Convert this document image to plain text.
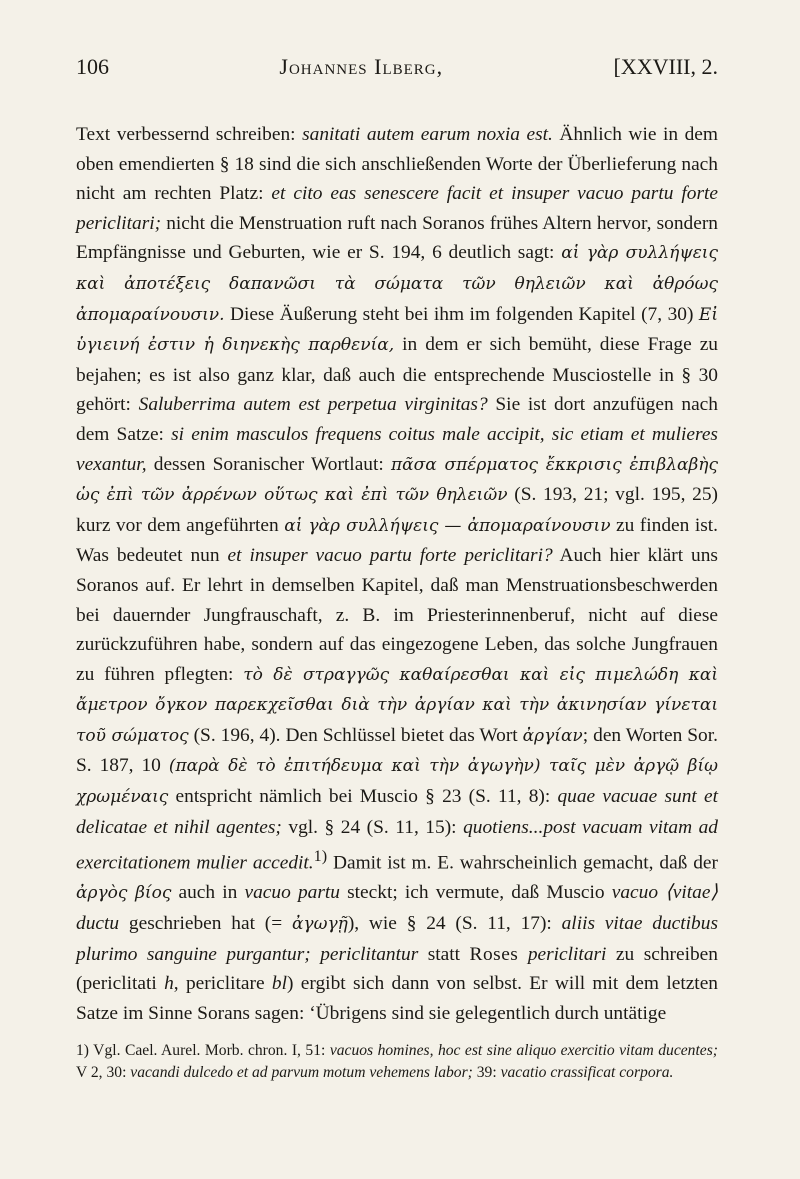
106	Johannes Ilberg,	[XXVIII, 2.

Text verbessernd schreiben: sanitati autem earum noxia est. Ähnlich wie in dem oben emendierten § 18 sind die sich anschließenden Worte der Überlieferung nach nicht am rechten Platz: et cito eas senescere facit et insuper vacuo partu forte periclitari; nicht die Menstruation ruft nach Soranos frühes Altern hervor, sondern Empfängnisse und Geburten, wie er S. 194, 6 deutlich sagt: αἱ γὰρ συλλήψεις καὶ ἀποτέξεις δαπανῶσι τὰ σώματα τῶν θηλειῶν καὶ ἀθρόως ἀπομαραίνουσιν. Diese Äußerung steht bei ihm im folgenden Kapitel (7, 30) Εἰ ὑγιεινή ἐστιν ἡ διηνεκὴς παρθενία, in dem er sich bemüht, diese Frage zu bejahen; es ist also ganz klar, daß auch die entsprechende Musciostelle in § 30 gehört: Saluberrima autem est perpetua virginitas? Sie ist dort anzufügen nach dem Satze: si enim masculos frequens coitus male accipit, sic etiam et mulieres vexantur, dessen Soranischer Wortlaut: πᾶσα σπέρματος ἔκκρισις ἐπιβλαβὴς ὡς ἐπὶ τῶν ἀρρένων οὕτως καὶ ἐπὶ τῶν θηλειῶν (S. 193, 21; vgl. 195, 25) kurz vor dem angeführten αἱ γὰρ συλλήψεις — ἀπομαραίνουσιν zu finden ist. Was bedeutet nun et insuper vacuo partu forte periclitari? Auch hier klärt uns Soranos auf. Er lehrt in demselben Kapitel, daß man Menstruationsbeschwerden bei dauernder Jungfrauschaft, z. B. im Priesterinnenberuf, nicht auf diese zurückzuführen habe, sondern auf das eingezogene Leben, das solche Jungfrauen zu führen pflegten: τὸ δὲ στραγγῶς καθαίρεσθαι καὶ εἰς πιμελώδη καὶ ἄμετρον ὄγκον παρεκχεῖσθαι διὰ τὴν ἀργίαν καὶ τὴν ἀκινησίαν γίνεται τοῦ σώματος (S. 196, 4). Den Schlüssel bietet das Wort ἀργίαν; den Worten Sor. S. 187, 10 (παρὰ δὲ τὸ ἐπιτήδευμα καὶ τὴν ἀγωγὴν) ταῖς μὲν ἀργῷ βίῳ χρωμέναις entspricht nämlich bei Muscio § 23 (S. 11, 8): quae vacuae sunt et delicatae et nihil agentes; vgl. § 24 (S. 11, 15): quotiens...post vacuam vitam ad exercitationem mulier accedit.$^{1)}$ Damit ist m. E. wahrscheinlich gemacht, daß der ἀργὸς βίος auch in vacuo partu steckt; ich vermute, daß Muscio vacuo ⟨vitae⟩ ductu geschrieben hat (= ἀγωγῇ), wie § 24 (S. 11, 17): aliis vitae ductibus plurimo sanguine purgantur; periclitantur statt Roses periclitari zu schreiben (periclitati h, periclitare bl) ergibt sich dann von selbst. Er will mit dem letzten Satze im Sinne Sorans sagen: ‘Übrigens sind sie gelegentlich durch untätige

1) Vgl. Cael. Aurel. Morb. chron. I, 51: vacuos homines, hoc est sine aliquo exercitio vitam ducentes; V 2, 30: vacandi dulcedo et ad parvum motum vehemens labor; 39: vacatio crassificat corpora.
